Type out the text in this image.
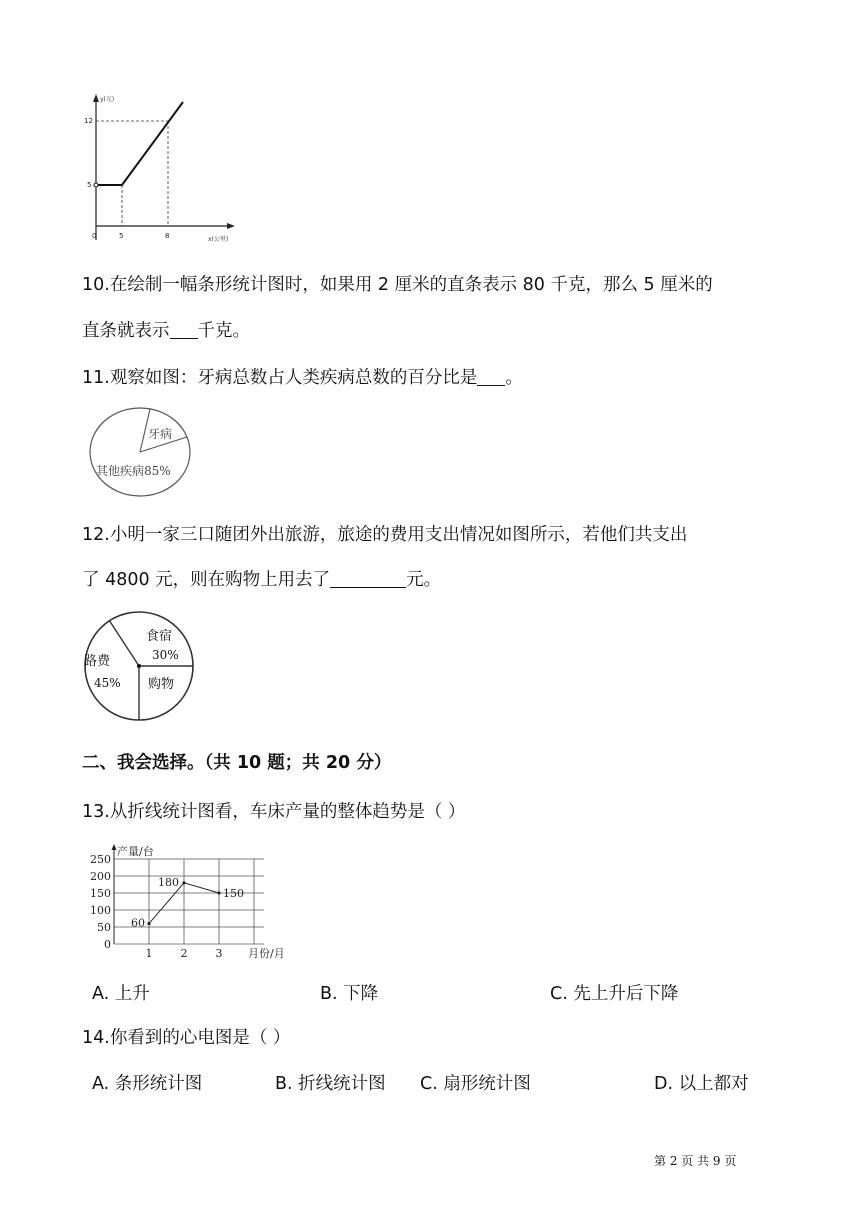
y(元)
12
5
0	5	8	x(公里)
10.在绘制一幅条形统计图时，如果用 2 厘米的直条表示 80 千克，那么 5 厘米的
直条就表示 千克。
11.观察如图：牙病总数占人类疾病总数的百分比是 。
牙病
其他疾病85%
12.小明一家三口随团外出旅游，旅途的费用支出情况如图所示，若他们共支出
了 4800 元，则在购物上用去了	元。
食宿
30%
路费
45% 购物
二、我会选择。（共 10 题；共 20 分）
13.从折线统计图看，车床产量的整体趋势是（ ）
0
50
100
150
200
250
产量/台
1	2	3 月份/月
60
180
150
A. 上升	B. 下降	C. 先上升后下降
14.你看到的心电图是（ ）
A. 条形统计图	B. 折线统计图 C. 扇形统计图	D. 以上都对
第 2 页 共 9 页
